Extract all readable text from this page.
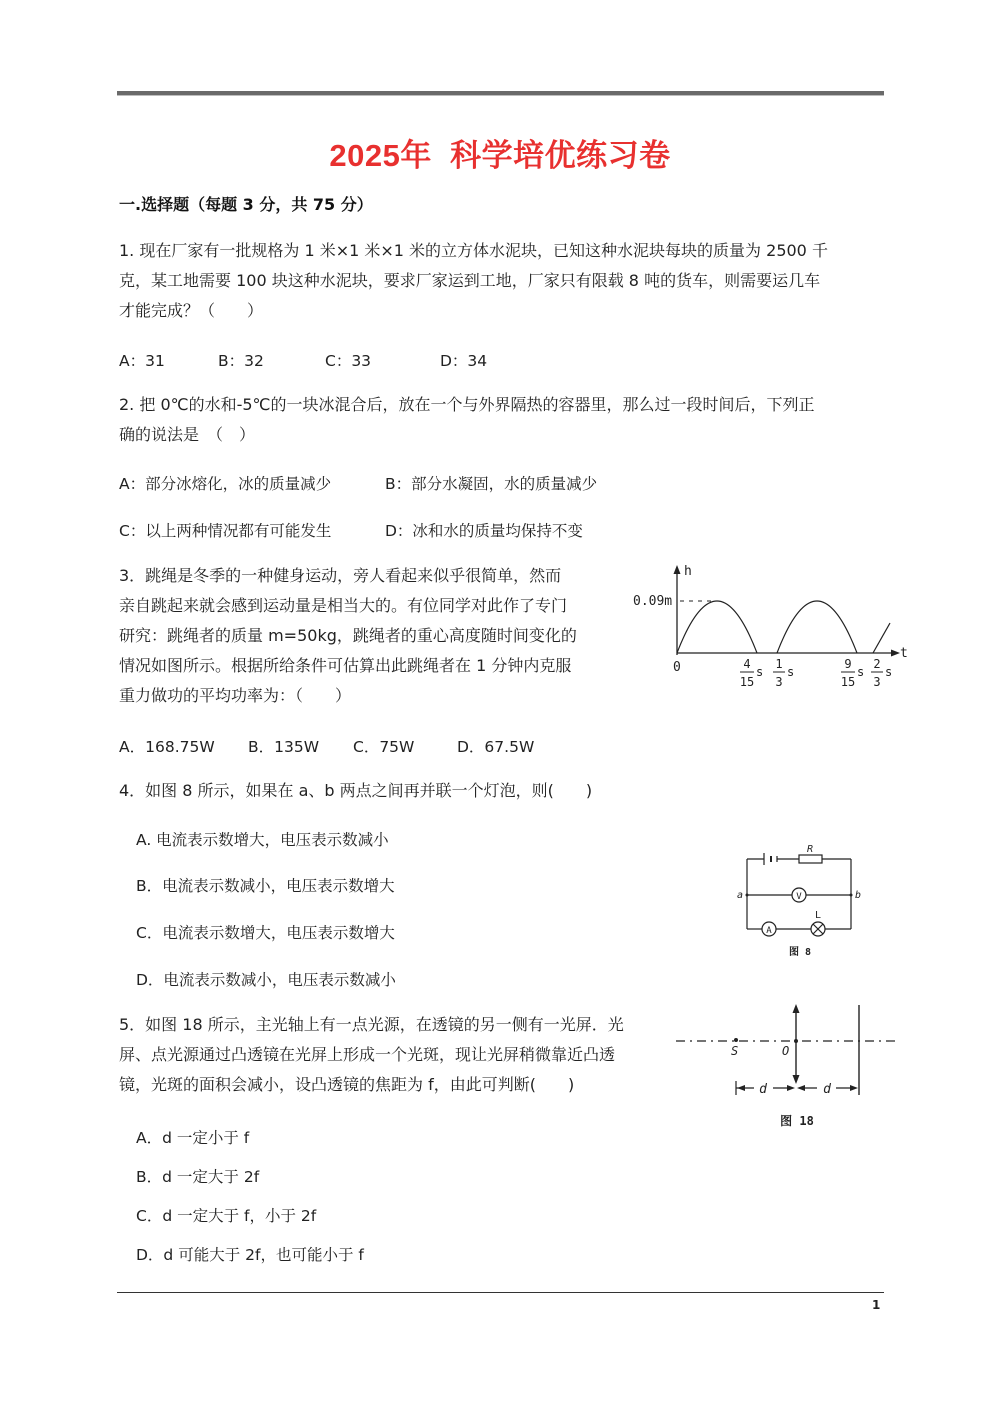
2025年  科学培优练习卷
一.选择题（每题 3 分，共 75 分）
1. 现在厂家有一批规格为 1 米×1 米×1 米的立方体水泥块，已知这种水泥块每块的质量为 2500 千
克，某工地需要 100 块这种水泥块，要求厂家运到工地，厂家只有限载 8 吨的货车，则需要运几车
才能完成？（　　）
A：31	B：32	C：33	D：34
2. 把 0℃的水和-5℃的一块冰混合后，放在一个与外界隔热的容器里，那么过一段时间后，下列正
确的说法是　（　）
A：部分冰熔化，冰的质量减少	B：部分水凝固，水的质量减少
C：以上两种情况都有可能发生	D：冰和水的质量均保持不变
3．跳绳是冬季的一种健身运动，旁人看起来似乎很简单，然而
亲自跳起来就会感到运动量是相当大的。有位同学对此作了专门
研究：跳绳者的质量 m=50kg，跳绳者的重心高度随时间变化的
情况如图所示。根据所给条件可估算出此跳绳者在 1 分钟内克服
重力做功的平均功率为：（　　）
h
t
0.09m
0	4
15
s
1
3
s
9
15
s
2
3
s
A．168.75W B．135W C．75W	D．67.5W
4．如图 8 所示，如果在 a、b 两点之间再并联一个灯泡，则(　　)
A. 电流表示数增大，电压表示数减小
B．电流表示数减小，电压表示数增大
C．电流表示数增大，电压表示数增大
D．电流表示数减小，电压表示数减小
R
a	b
V
A
L
图 8
5．如图 18 所示，主光轴上有一点光源，在透镜的另一侧有一光屏．光
屏、点光源通过凸透镜在光屏上形成一个光斑，现让光屏稍微靠近凸透
镜，光斑的面积会减小，设凸透镜的焦距为 f，由此可判断(　　)
A．d 一定小于 f
B．d 一定大于 2f
C．d 一定大于 f，小于 2f
D．d 可能大于 2f，也可能小于 f
S	O
d	d
图 18
1
